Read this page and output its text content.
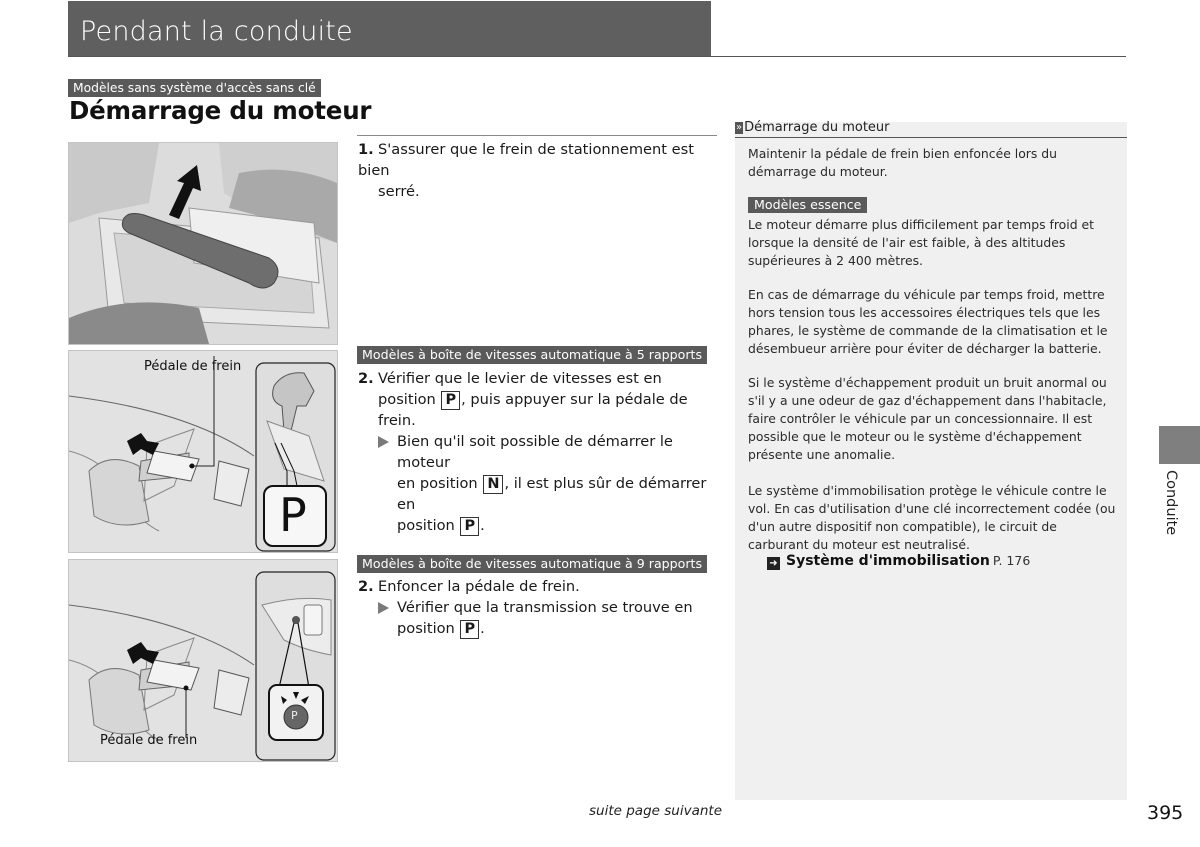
Pendant la conduite
Modèles sans système d'accès sans clé
Démarrage du moteur
Pédale de frein
P
P
Pédale de frein
1. S'assurer que le frein de stationnement est bien
serré.
Modèles à boîte de vitesses automatique à 5 rapports
2. Vérifier que le levier de vitesses est en
position P , puis appuyer sur la pédale de frein.
Bien qu'il soit possible de démarrer le moteur
en position N , il est plus sûr de démarrer en
position P .
Modèles à boîte de vitesses automatique à 9 rapports
2. Enfoncer la pédale de frein.
Vérifier que la transmission se trouve en
position P .
» Démarrage du moteur
Maintenir la pédale de frein bien enfoncée lors du démarrage du moteur.
Modèles essence
Le moteur démarre plus difficilement par temps froid et lorsque la densité de l'air est faible, à des altitudes supérieures à 2 400 mètres.
En cas de démarrage du véhicule par temps froid, mettre hors tension tous les accessoires électriques tels que les phares, le système de commande de la climatisation et le désembueur arrière pour éviter de décharger la batterie.
Si le système d'échappement produit un bruit anormal ou s'il y a une odeur de gaz d'échappement dans l'habitacle, faire contrôler le véhicule par un concessionnaire. Il est possible que le moteur ou le système d'échappement présente une anomalie.
Le système d'immobilisation protège le véhicule contre le vol. En cas d'utilisation d'une clé incorrectement codée (ou d'un autre dispositif non compatible), le circuit de carburant du moteur est neutralisé.
➜ Système d'immobilisation P. 176
Conduite
suite page suivante	395
